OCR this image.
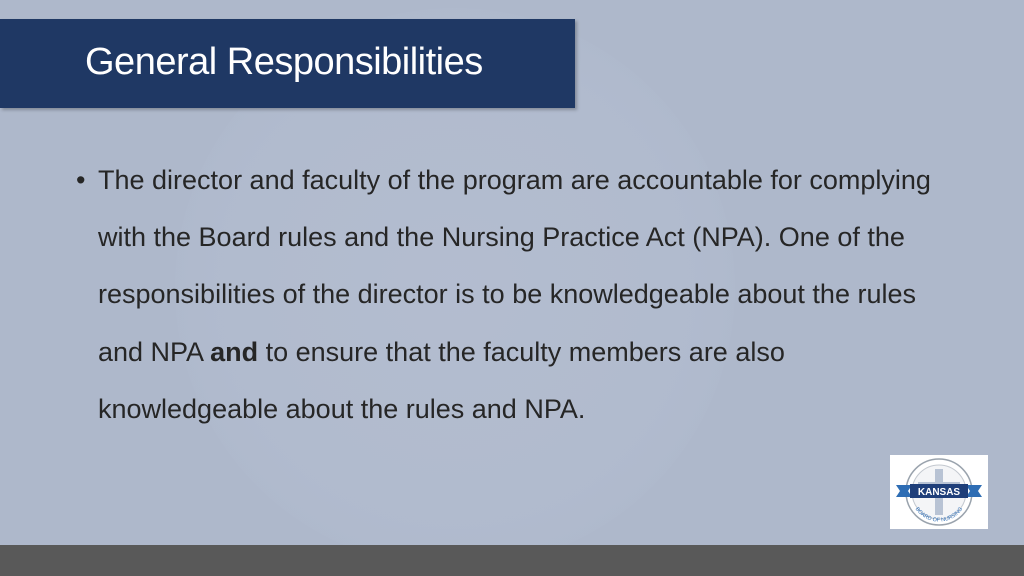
General Responsibilities
• The director and faculty of the program are accountable for complying with the Board rules and the Nursing Practice Act (NPA). One of the responsibilities of the director is to be knowledgeable about the rules and NPA and to ensure that the faculty members are also knowledgeable about the rules and NPA.
KANSAS
BOARD OF NURSING
